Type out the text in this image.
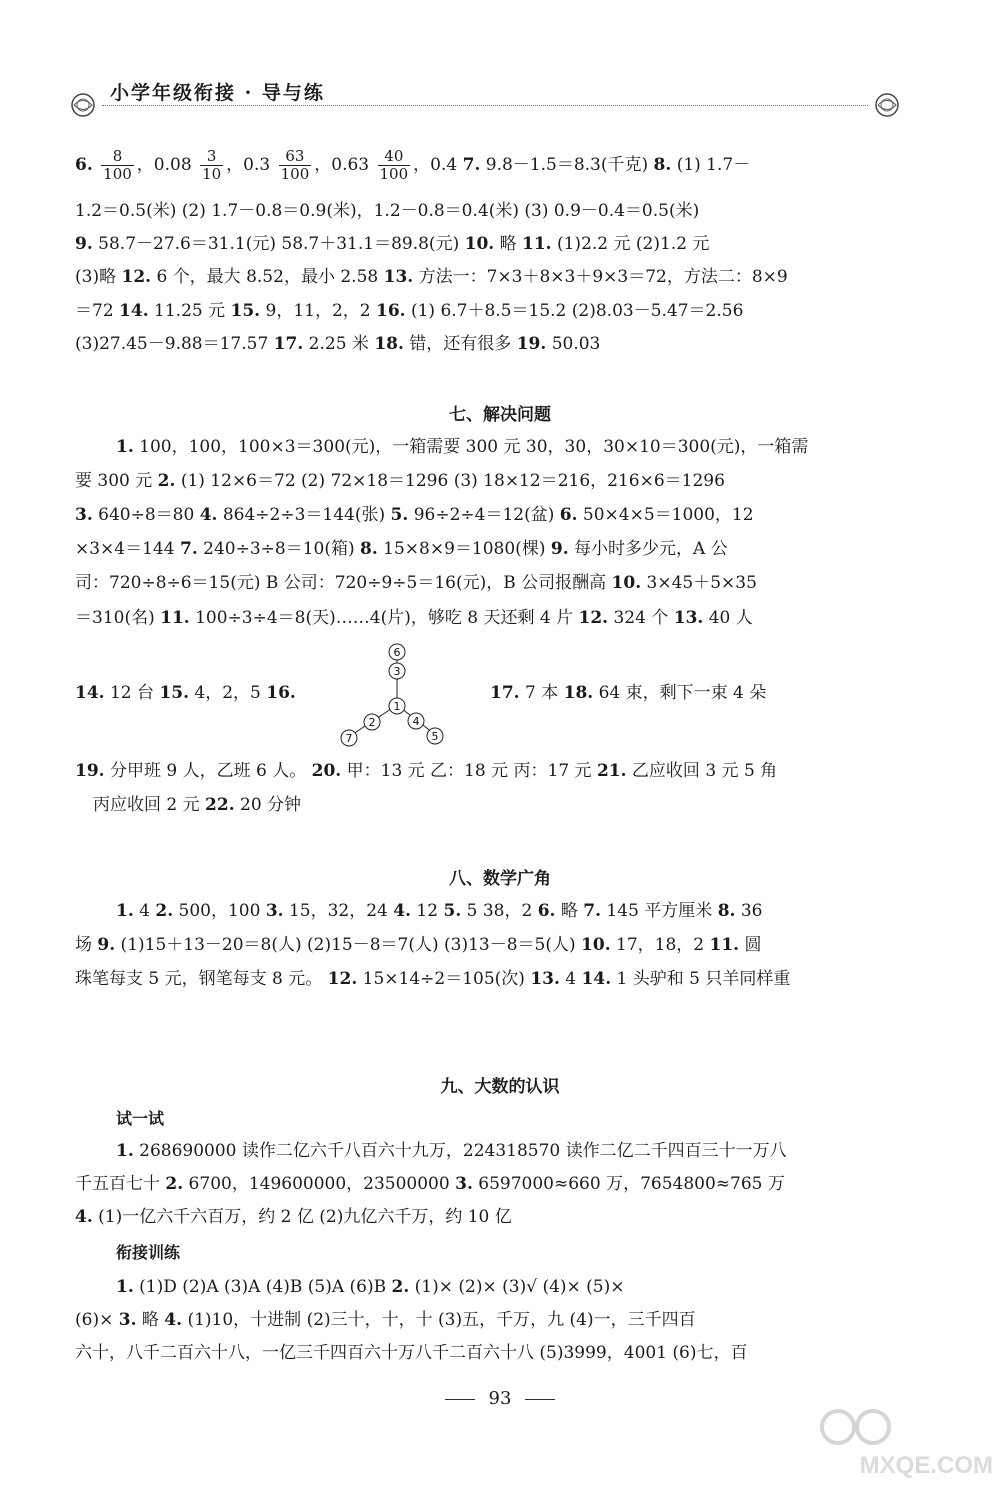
小学年级衔接 · 导与练
6. $\frac{8}{100}$ ，$0.08 \frac{3}{10}$ ，$0.3 \frac{63}{100}$ ，$0.63 \frac{40}{100}$ ，0.4 7. 9.8－1.5＝8.3(千克) 8. (1) 1.7－
1.2＝0.5(米) (2) 1.7－0.8＝0.9(米)，1.2－0.8＝0.4(米) (3) 0.9－0.4＝0.5(米)
9. 58.7－27.6＝31.1(元) 58.7＋31.1＝89.8(元) 10. 略 11. (1)2.2 元 (2)1.2 元
(3)略 12. 6 个，最大 8.52，最小 2.58 13. 方法一：7×3＋8×3＋9×3＝72，方法二：8×9
＝72 14. 11.25 元 15. 9，11，2，2 16. (1) 6.7＋8.5＝15.2 (2)8.03－5.47＝2.56
(3)27.45－9.88＝17.57 17. 2.25 米 18. 错，还有很多 19. 50.03
七、解决问题
1. 100，100，100×3＝300(元)，一箱需要 300 元 30，30，30×10＝300(元)，一箱需
要 300 元 2. (1) 12×6＝72 (2) 72×18＝1296 (3) 18×12＝216，216×6＝1296
3. 640÷8＝80 4. 864÷2÷3＝144(张) 5. 96÷2÷4＝12(盆) 6. 50×4×5＝1000，12
×3×4＝144 7. 240÷3÷8＝10(箱) 8. 15×8×9＝1080(棵) 9. 每小时多少元，A 公
司：720÷8÷6＝15(元) B 公司：720÷9÷5＝16(元)，B 公司报酬高 10. 3×45＋5×35
＝310(名) 11. 100÷3÷4＝8(天)……4(片)，够吃 8 天还剩 4 片 12. 324 个 13. 40 人
14. 12 台 15. 4，2，5 16.
6
3
1
2
7
4
5
17. 7 本 18. 64 束，剩下一束 4 朵
19. 分甲班 9 人，乙班 6 人。 20. 甲：13 元 乙：18 元 丙：17 元 21. 乙应收回 3 元 5 角
丙应收回 2 元 22. 20 分钟
八、数学广角
1. 4 2. 500，100 3. 15，32，24 4. 12 5. 5 38，2 6. 略 7. 145 平方厘米 8. 36
场 9. (1)15＋13－20＝8(人) (2)15－8＝7(人) (3)13－8＝5(人) 10. 17，18，2 11. 圆
珠笔每支 5 元，钢笔每支 8 元。 12. 15×14÷2＝105(次) 13. 4 14. 1 头驴和 5 只羊同样重
九、大数的认识
试一试
1. 268690000 读作二亿六千八百六十九万，224318570 读作二亿二千四百三十一万八
千五百七十 2. 6700，149600000，23500000 3. 6597000≈660 万，7654800≈765 万
4. (1)一亿六千六百万，约 2 亿 (2)九亿六千万，约 10 亿
衔接训练
1. (1)D (2)A (3)A (4)B (5)A (6)B 2. (1)× (2)× (3)√ (4)× (5)×
(6)× 3. 略 4. (1)10，十进制 (2)三十，十，十 (3)五，千万，九 (4)一，三千四百
六十，八千二百六十八，一亿三千四百六十万八千二百六十八 (5)3999，4001 (6)七，百
93
MXQE.COM
